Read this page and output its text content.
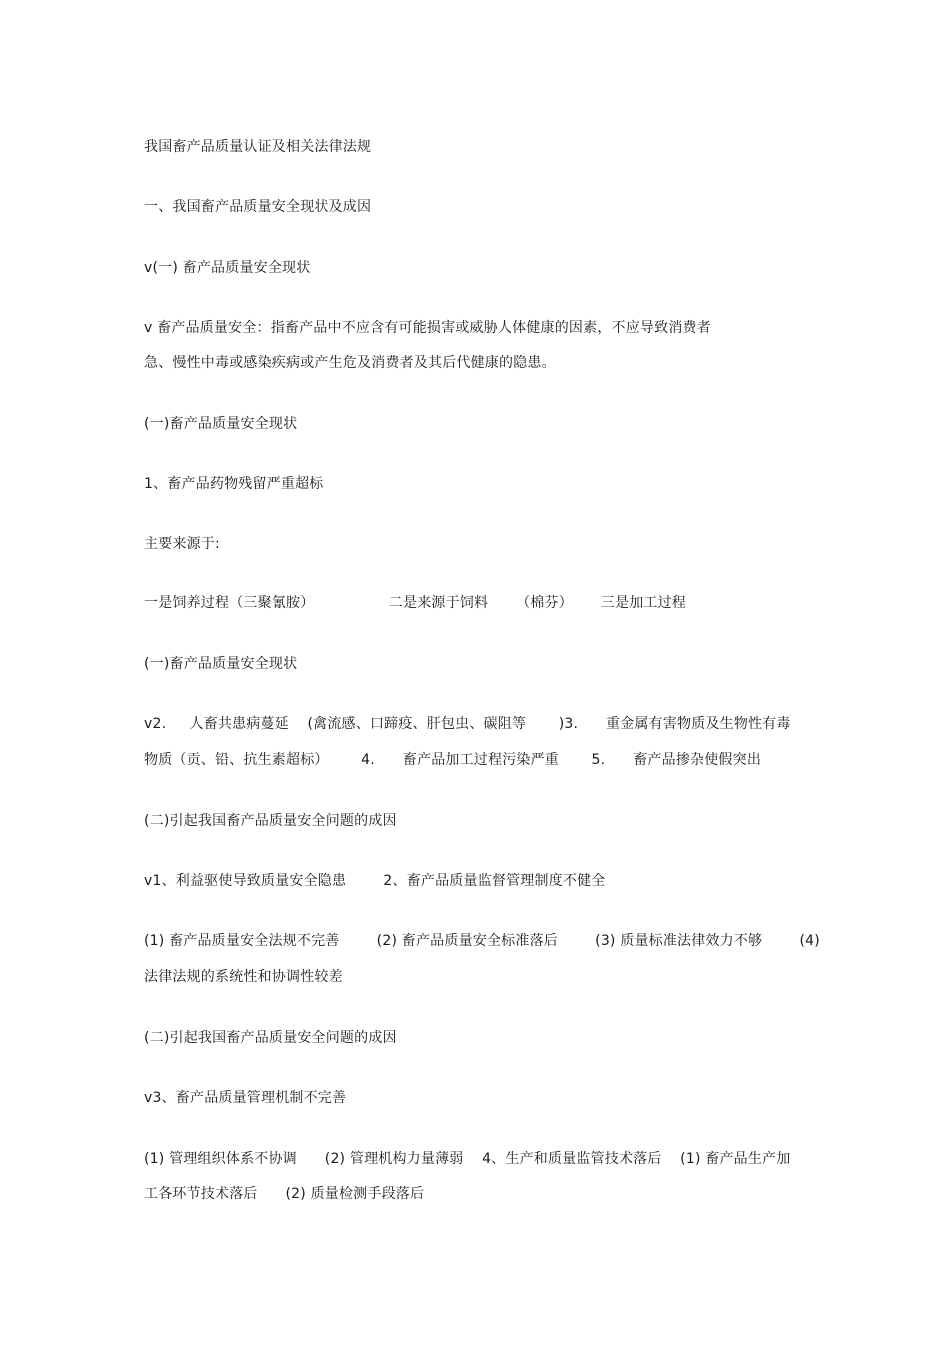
我国畜产品质量认证及相关法律法规

一、我国畜产品质量安全现状及成因

v(一) 畜产品质量安全现状

v 畜产品质量安全：指畜产品中不应含有可能损害或威胁人体健康的因素，不应导致消费者

急、慢性中毒或感染疾病或产生危及消费者及其后代健康的隐患。

(一)畜产品质量安全现状

1、畜产品药物残留严重超标

主要来源于:

一是饲养过程（三聚氰胺）                二是来源于饲料      （棉芬）      三是加工过程

(一)畜产品质量安全现状

v2.     人畜共患病蔓延    (禽流感、口蹄疫、肝包虫、碳阻等       )3.      重金属有害物质及生物性有毒

物质（贡、铅、抗生素超标）       4.      畜产品加工过程污染严重       5.      畜产品掺杂使假突出

(二)引起我国畜产品质量安全问题的成因

v1、利益驱使导致质量安全隐患        2、畜产品质量监督管理制度不健全

(1) 畜产品质量安全法规不完善        (2) 畜产品质量安全标准落后        (3) 质量标准法律效力不够        (4)

法律法规的系统性和协调性较差

(二)引起我国畜产品质量安全问题的成因

v3、畜产品质量管理机制不完善

(1) 管理组织体系不协调      (2) 管理机构力量薄弱    4、生产和质量监管技术落后    (1) 畜产品生产加

工各环节技术落后      (2) 质量检测手段落后
